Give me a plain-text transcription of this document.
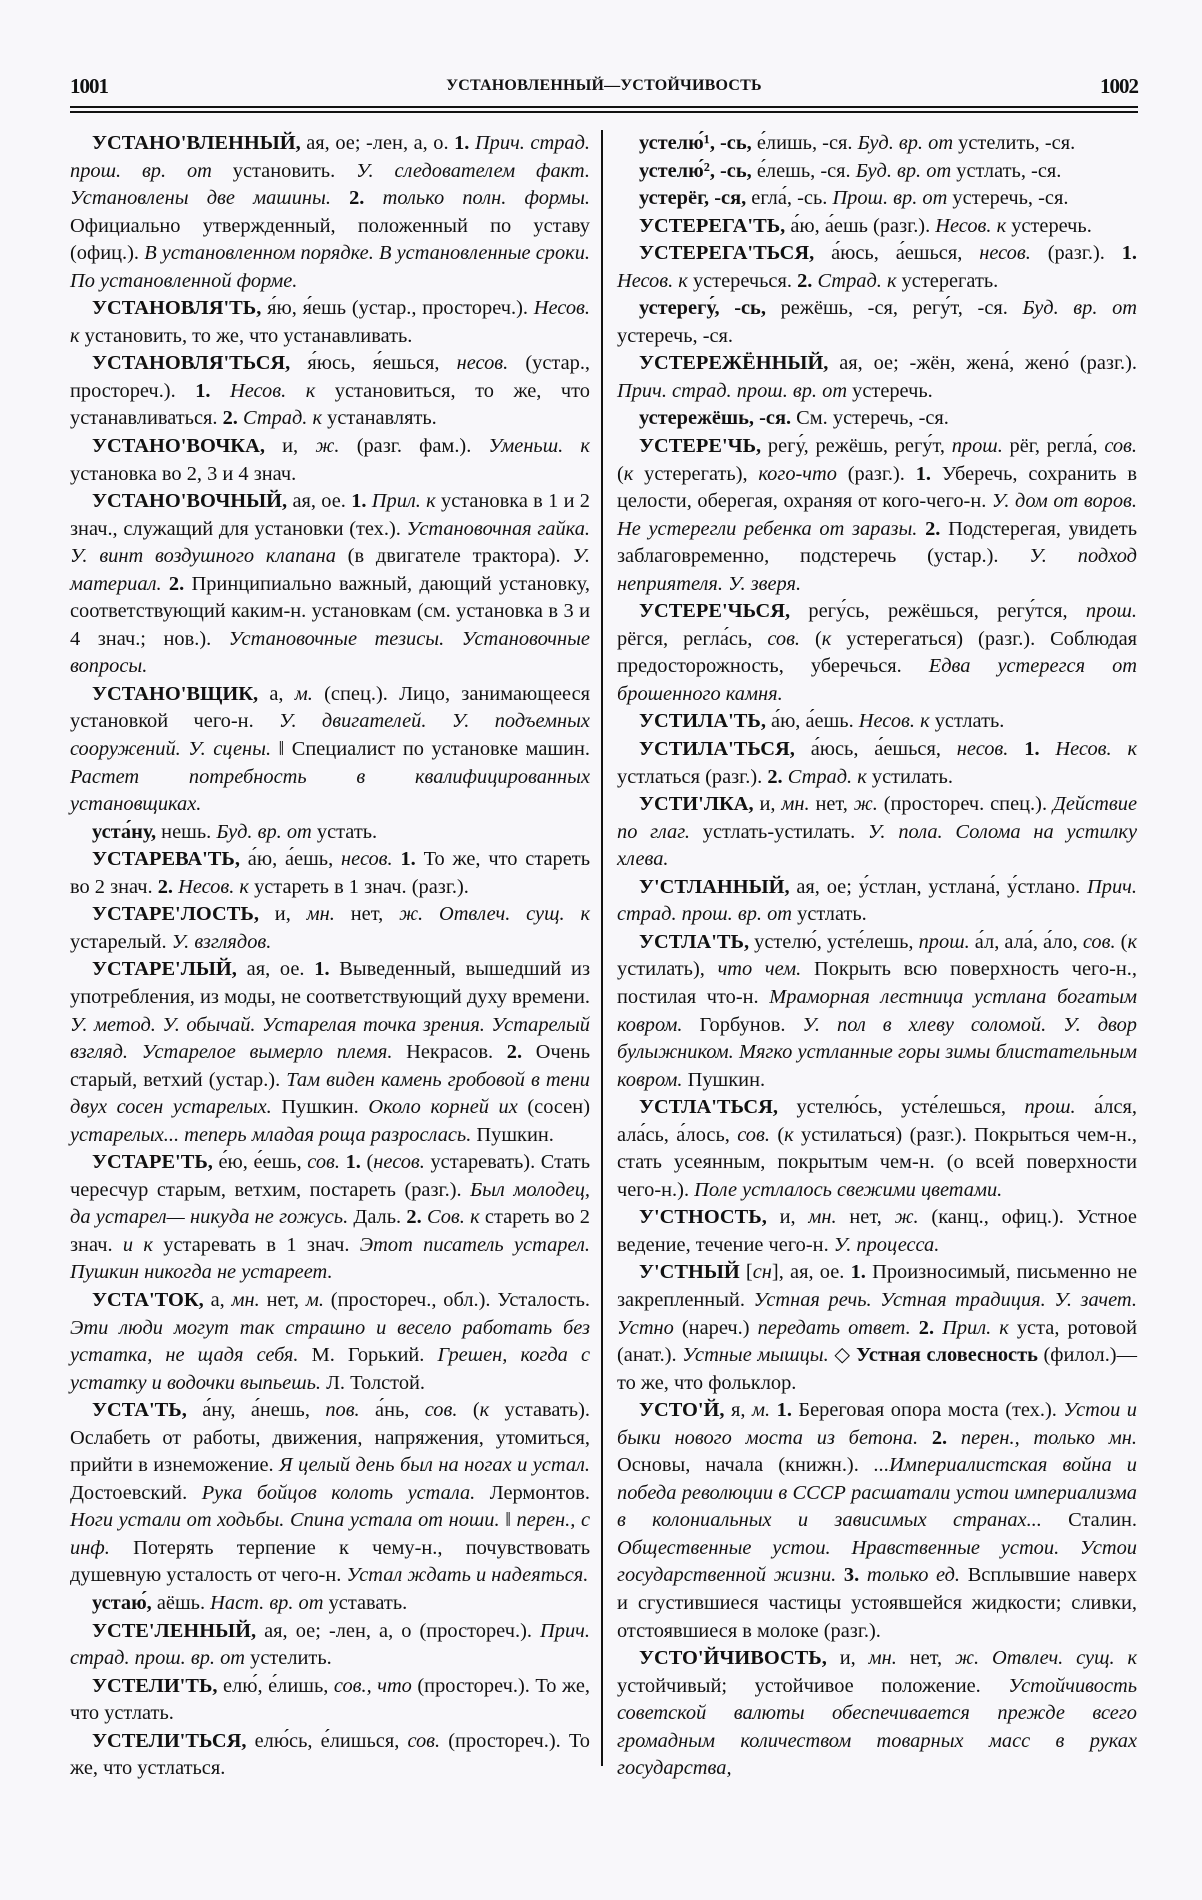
1001	УСТАНОВЛЕННЫЙ—УСТОЙЧИВОСТЬ	1002

УСТАНО'ВЛЕННЫЙ, ая, ое; -лен, а, о. 1. Прич. страд. прош. вр. от установить. У. следователем факт. Установлены две машины. 2. только полн. формы. Официально утвержденный, положенный по уставу (офиц.). В установленном порядке. В установленные сроки. По установленной форме.

УСТАНОВЛЯ'ТЬ, я́ю, я́ешь (устар., простореч.). Несов. к установить, то же, что устанавливать.

УСТАНОВЛЯ'ТЬСЯ, я́юсь, я́ешься, несов. (устар., простореч.). 1. Несов. к установиться, то же, что устанавливаться. 2. Страд. к устанавлять.

УСТАНО'ВОЧКА, и, ж. (разг. фам.). Уменьш. к установка во 2, 3 и 4 знач.

УСТАНО'ВОЧНЫЙ, ая, ое. 1. Прил. к установка в 1 и 2 знач., служащий для установки (тех.). Установочная гайка. У. винт воздушного клапана (в двигателе трактора). У. материал. 2. Принципиально важный, дающий установку, соответствующий каким-н. установкам (см. установка в 3 и 4 знач.; нов.). Установочные тезисы. Установочные вопросы.

УСТАНО'ВЩИК, а, м. (спец.). Лицо, занимающееся установкой чего-н. У. двигателей. У. подъемных сооружений. У. сцены. ‖ Специалист по установке машин. Растет потребность в квалифицированных установщиках.

уста́ну, нешь. Буд. вр. от устать.

УСТАРЕВА'ТЬ, а́ю, а́ешь, несов. 1. То же, что стареть во 2 знач. 2. Несов. к устареть в 1 знач. (разг.).

УСТАРЕ'ЛОСТЬ, и, мн. нет, ж. Отвлеч. сущ. к устарелый. У. взглядов.

УСТАРЕ'ЛЫЙ, ая, ое. 1. Выведенный, вышедший из употребления, из моды, не соответствующий духу времени. У. метод. У. обычай. Устарелая точка зрения. Устарелый взгляд. Устарелое вымерло племя. Некрасов. 2. Очень старый, ветхий (устар.). Там виден камень гробовой в тени двух сосен устарелых. Пушкин. Около корней их (сосен) устарелых... теперь младая роща разрослась. Пушкин.

УСТАРЕ'ТЬ, е́ю, е́ешь, сов. 1. (несов. устаревать). Стать чересчур старым, ветхим, постареть (разг.). Был молодец, да устарел— никуда не гожусь. Даль. 2. Сов. к стареть во 2 знач. и к устаревать в 1 знач. Этот писатель устарел. Пушкин никогда не устареет.

УСТА'ТОК, а, мн. нет, м. (простореч., обл.). Усталость. Эти люди могут так страшно и весело работать без устатка, не щадя себя. М. Горький. Грешен, когда с устатку и водочки выпьешь. Л. Толстой.

УСТА'ТЬ, а́ну, а́нешь, пов. а́нь, сов. (к уставать). Ослабеть от работы, движения, напряжения, утомиться, прийти в изнеможение. Я целый день был на ногах и устал. Достоевский. Рука бойцов колоть устала. Лермонтов. Ноги устали от ходьбы. Спина устала от ноши. ‖ перен., с инф. Потерять терпение к чему-н., почувствовать душевную усталость от чего-н. Устал ждать и надеяться.

устаю́, аёшь. Наст. вр. от уставать.

УСТЕ'ЛЕННЫЙ, ая, ое; -лен, а, о (простореч.). Прич. страд. прош. вр. от устелить.

УСТЕЛИ'ТЬ, елю́, е́лишь, сов., что (простореч.). То же, что устлать.

УСТЕЛИ'ТЬСЯ, елю́сь, е́лишься, сов. (простореч.). То же, что устлаться.

устелю́¹, -сь, е́лишь, -ся. Буд. вр. от устелить, -ся.

устелю́², -сь, е́лешь, -ся. Буд. вр. от устлать, -ся.

устерёг, -ся, егла́, -сь. Прош. вр. от устеречь, -ся.

УСТЕРЕГА'ТЬ, а́ю, а́ешь (разг.). Несов. к устеречь.

УСТЕРЕГА'ТЬСЯ, а́юсь, а́ешься, несов. (разг.). 1. Несов. к устеречься. 2. Страд. к устерегать.

устерегу́, -сь, режёшь, -ся, регу́т, -ся. Буд. вр. от устеречь, -ся.

УСТЕРЕЖЁННЫЙ, ая, ое; -жён, жена́, жено́ (разг.). Прич. страд. прош. вр. от устеречь.

устережёшь, -ся. См. устеречь, -ся.

УСТЕРЕ'ЧЬ, регу́, режёшь, регу́т, прош. рёг, регла́, сов. (к устерегать), кого-что (разг.). 1. Уберечь, сохранить в целости, оберегая, охраняя от кого-чего-н. У. дом от воров. Не устерегли ребенка от заразы. 2. Подстерегая, увидеть заблаговременно, подстеречь (устар.). У. подход неприятеля. У. зверя.

УСТЕРЕ'ЧЬСЯ, регу́сь, режёшься, регу́тся, прош. рёгся, регла́сь, сов. (к устерегаться) (разг.). Соблюдая предосторожность, уберечься. Едва устерегся от брошенного камня.

УСТИЛА'ТЬ, а́ю, а́ешь. Несов. к устлать.

УСТИЛА'ТЬСЯ, а́юсь, а́ешься, несов. 1. Несов. к устлаться (разг.). 2. Страд. к устилать.

УСТИ'ЛКА, и, мн. нет, ж. (простореч. спец.). Действие по глаг. устлать-устилать. У. пола. Солома на устилку хлева.

У'СТЛАННЫЙ, ая, ое; у́стлан, устлана́, у́стлано. Прич. страд. прош. вр. от устлать.

УСТЛА'ТЬ, устелю́, усте́лешь, прош. а́л, ала́, а́ло, сов. (к устилать), что чем. Покрыть всю поверхность чего-н., постилая что-н. Мраморная лестница устлана богатым ковром. Горбунов. У. пол в хлеву соломой. У. двор булыжником. Мягко устланные горы зимы блистательным ковром. Пушкин.

УСТЛА'ТЬСЯ, устелю́сь, усте́лешься, прош. а́лся, ала́сь, а́лось, сов. (к устилаться) (разг.). Покрыться чем-н., стать усеянным, покрытым чем-н. (о всей поверхности чего-н.). Поле устлалось свежими цветами.

У'СТНОСТЬ, и, мн. нет, ж. (канц., офиц.). Устное ведение, течение чего-н. У. процесса.

У'СТНЫЙ [сн], ая, ое. 1. Произносимый, письменно не закрепленный. Устная речь. Устная традиция. У. зачет. Устно (нареч.) передать ответ. 2. Прил. к уста, ротовой (анат.). Устные мышцы. ◇ Устная словесность (филол.)—то же, что фольклор.

УСТО'Й, я, м. 1. Береговая опора моста (тех.). Устои и быки нового моста из бетона. 2. перен., только мн. Основы, начала (книжн.). ...Империалистская война и победа революции в СССР расшатали устои империализма в колониальных и зависимых странах... Сталин. Общественные устои. Нравственные устои. Устои государственной жизни. 3. только ед. Всплывшие наверх и сгустившиеся частицы устоявшейся жидкости; сливки, отстоявшиеся в молоке (разг.).

УСТО'ЙЧИВОСТЬ, и, мн. нет, ж. Отвлеч. сущ. к устойчивый; устойчивое положение. Устойчивость советской валюты обеспечивается прежде всего громадным количеством товарных масс в руках государства,
